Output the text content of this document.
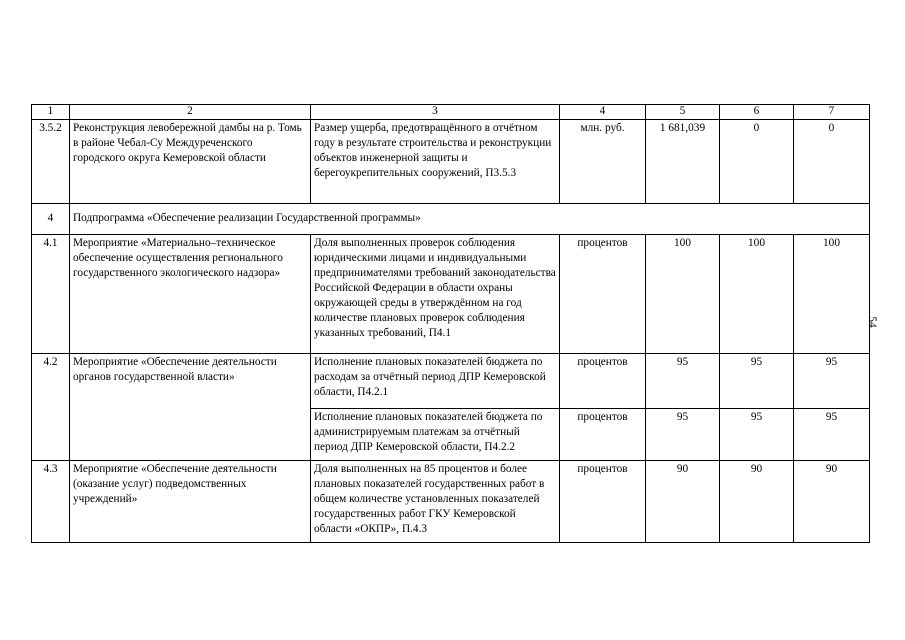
1	2	3	4	5	6	7
3.5.2	Реконструкция левобережной дамбы на р. Томь в районе Чебал-Су Междуреченского городского округа Кемеровской области	Размер ущерба, предотвращённого в отчётном году в результате строительства и реконструкции объектов инженерной защиты и берегоукрепительных сооружений, П3.5.3	млн. руб.	1 681,039	0	0
4	Подпрограмма «Обеспечение реализации Государственной программы»					
4.1	Мероприятие «Материально–техническое обеспечение осуществления регионального государственного экологического надзора»	Доля выполненных проверок соблюдения юридическими лицами и индивидуальными предпринимателями требований законодательства Российской Федерации в области охраны окружающей среды в утверждённом на год количестве плановых проверок соблюдения указанных требований, П4.1	процентов	100	100	100
4.2	Мероприятие «Обеспечение деятельности органов государственной власти»	Исполнение плановых показателей бюджета по расходам за отчётный период ДПР Кемеровской области, П4.2.1	процентов	95	95	95
		Исполнение плановых показателей бюджета по администрируемым платежам за отчётный период ДПР Кемеровской области, П4.2.2	процентов	95	95	95
4.3	Мероприятие «Обеспечение деятельности (оказание услуг) подведомственных учреждений»	Доля выполненных на 85 процентов и более плановых показателей государственных работ в общем количестве установленных показателей государственных работ ГКУ Кемеровской области «ОКПР», П.4.3	процентов	90	90	90
54
